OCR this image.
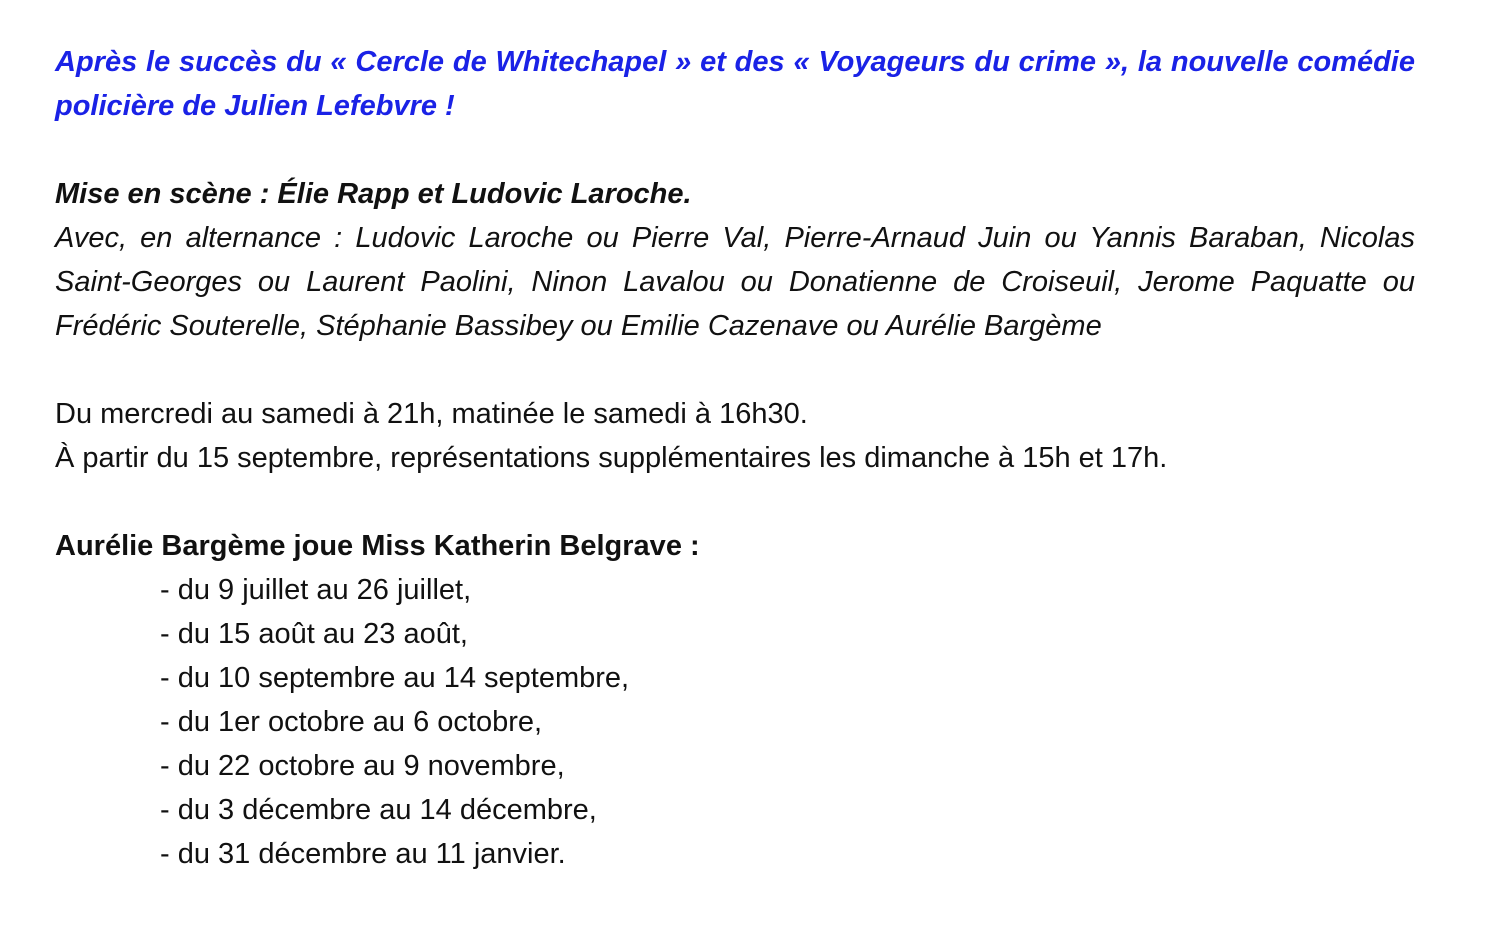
Après le succès du « Cercle de Whitechapel » et des « Voyageurs du crime », la nouvelle comédie policière de Julien Lefebvre !

Mise en scène : Élie Rapp et Ludovic Laroche.

Avec, en alternance : Ludovic Laroche ou Pierre Val, Pierre-Arnaud Juin ou Yannis Baraban, Nicolas Saint-Georges ou Laurent Paolini, Ninon Lavalou ou Donatienne de Croiseuil, Jerome Paquatte ou Frédéric Souterelle, Stéphanie Bassibey ou Emilie Cazenave ou Aurélie Bargème

Du mercredi au samedi à 21h, matinée le samedi à 16h30.

À partir du 15 septembre, représentations supplémentaires les dimanche à 15h et 17h.

Aurélie Bargème joue Miss Katherin Belgrave :

- du 9 juillet au 26 juillet,
- du 15 août au 23 août,
- du 10 septembre au 14 septembre,
- du 1er octobre au 6 octobre,
- du 22 octobre au 9 novembre,
- du 3 décembre au 14 décembre,
- du 31 décembre au 11 janvier.
